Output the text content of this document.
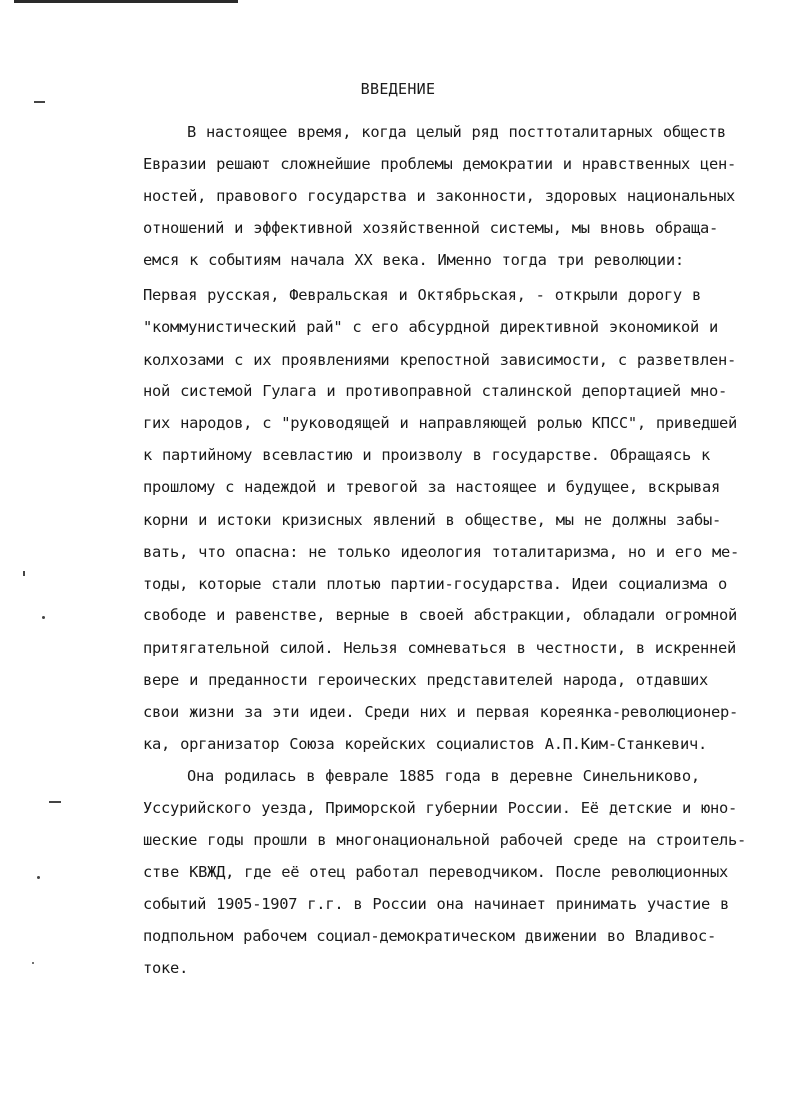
ВВЕДЕНИЕ
В настоящее время, когда целый ряд посттоталитарных обществ
Евразии решают сложнейшие проблемы демократии и нравственных цен-
ностей, правового государства и законности, здоровых национальных
отношений и эффективной хозяйственной системы, мы вновь обраща-
емся к событиям начала XX века. Именно тогда три революции:
Первая русская, Февральская и Октябрьская, - открыли дорогу в
"коммунистический рай" с его абсурдной директивной экономикой и
колхозами с их проявлениями крепостной зависимости, с разветвлен-
ной системой Гулага и противоправной сталинской депортацией мно-
гих народов, с "руководящей и направляющей ролью КПСС", приведшей
к партийному всевластию и произволу в государстве. Обращаясь к
прошлому с надеждой и тревогой за настоящее и будущее, вскрывая
корни и истоки кризисных явлений в обществе, мы не должны забы-
вать, что опасна: не только идеология тоталитаризма, но и его ме-
тоды, которые стали плотью партии-государства. Идеи социализма о
свободе и равенстве, верные в своей абстракции, обладали огромной
притягательной силой. Нельзя сомневаться в честности, в искренней
вере и преданности героических представителей народа, отдавших
свои жизни за эти идеи. Среди них и первая кореянка-революционер-
ка, организатор Союза корейских социалистов А.П.Ким-Станкевич.
Она родилась в феврале 1885 года в деревне Синельниково,
Уссурийского уезда, Приморской губернии России. Её детские и юно-
шеские годы прошли в многонациональной рабочей среде на строитель-
стве КВЖД, где её отец работал переводчиком. После революционных
событий 1905-1907 г.г. в России она начинает принимать участие в
подпольном рабочем социал-демократическом движении во Владивос-
токе.
